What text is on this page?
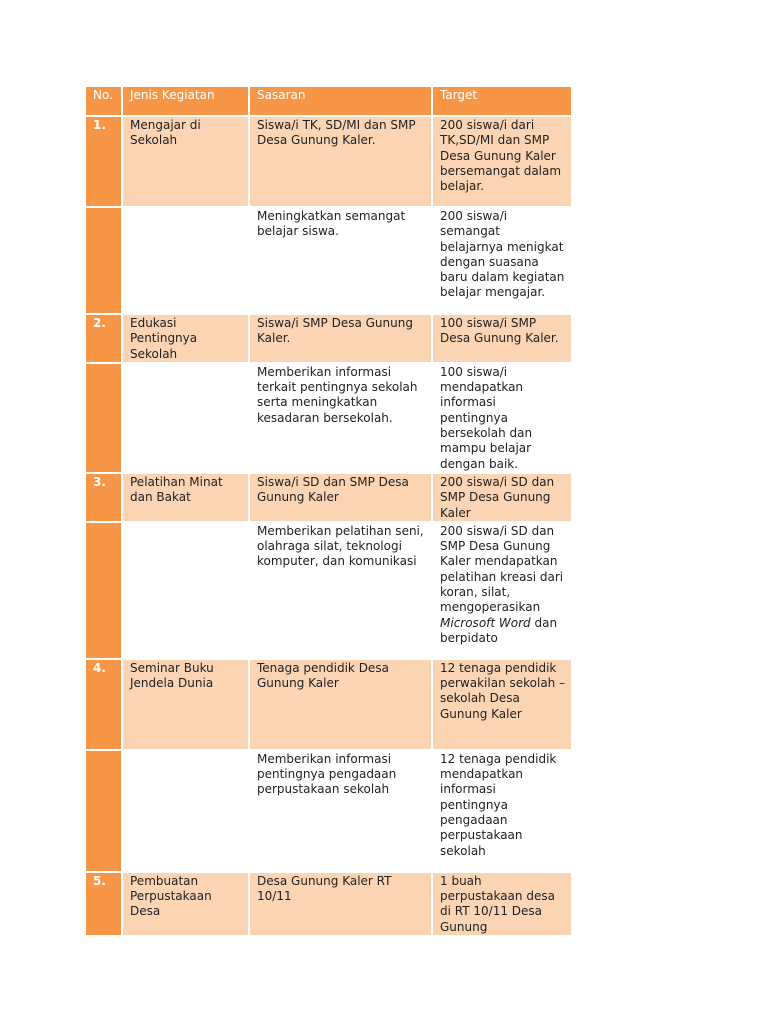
No.	Jenis Kegiatan	Sasaran	Target
1.	Mengajar di Sekolah	Siswa/i TK, SD/MI dan SMP Desa Gunung Kaler.	200 siswa/i dari TK,SD/MI dan SMP Desa Gunung Kaler bersemangat dalam belajar.
		Meningkatkan semangat belajar siswa.	200 siswa/i semangat belajarnya menigkat dengan suasana baru dalam kegiatan belajar mengajar.
2.	Edukasi Pentingnya Sekolah	Siswa/i SMP Desa Gunung Kaler.	100 siswa/i SMP Desa Gunung Kaler.
		Memberikan informasi terkait pentingnya sekolah serta meningkatkan kesadaran bersekolah.	100 siswa/i mendapatkan informasi pentingnya bersekolah dan mampu belajar dengan baik.
3.	Pelatihan Minat dan Bakat	Siswa/i SD dan SMP Desa Gunung Kaler	200 siswa/i SD dan SMP Desa Gunung Kaler
		Memberikan pelatihan seni, olahraga silat, teknologi komputer, dan komunikasi	200 siswa/i SD dan SMP Desa Gunung Kaler mendapatkan pelatihan kreasi dari koran, silat, mengoperasikan Microsoft Word dan berpidato
4.	Seminar Buku Jendela Dunia	Tenaga pendidik Desa Gunung Kaler	12 tenaga pendidik perwakilan sekolah – sekolah Desa Gunung Kaler
		Memberikan informasi pentingnya pengadaan perpustakaan sekolah	12 tenaga pendidik mendapatkan informasi pentingnya pengadaan perpustakaan sekolah
5.	Pembuatan Perpustakaan Desa	Desa Gunung Kaler RT 10/11	1 buah perpustakaan desa di RT 10/11 Desa Gunung
